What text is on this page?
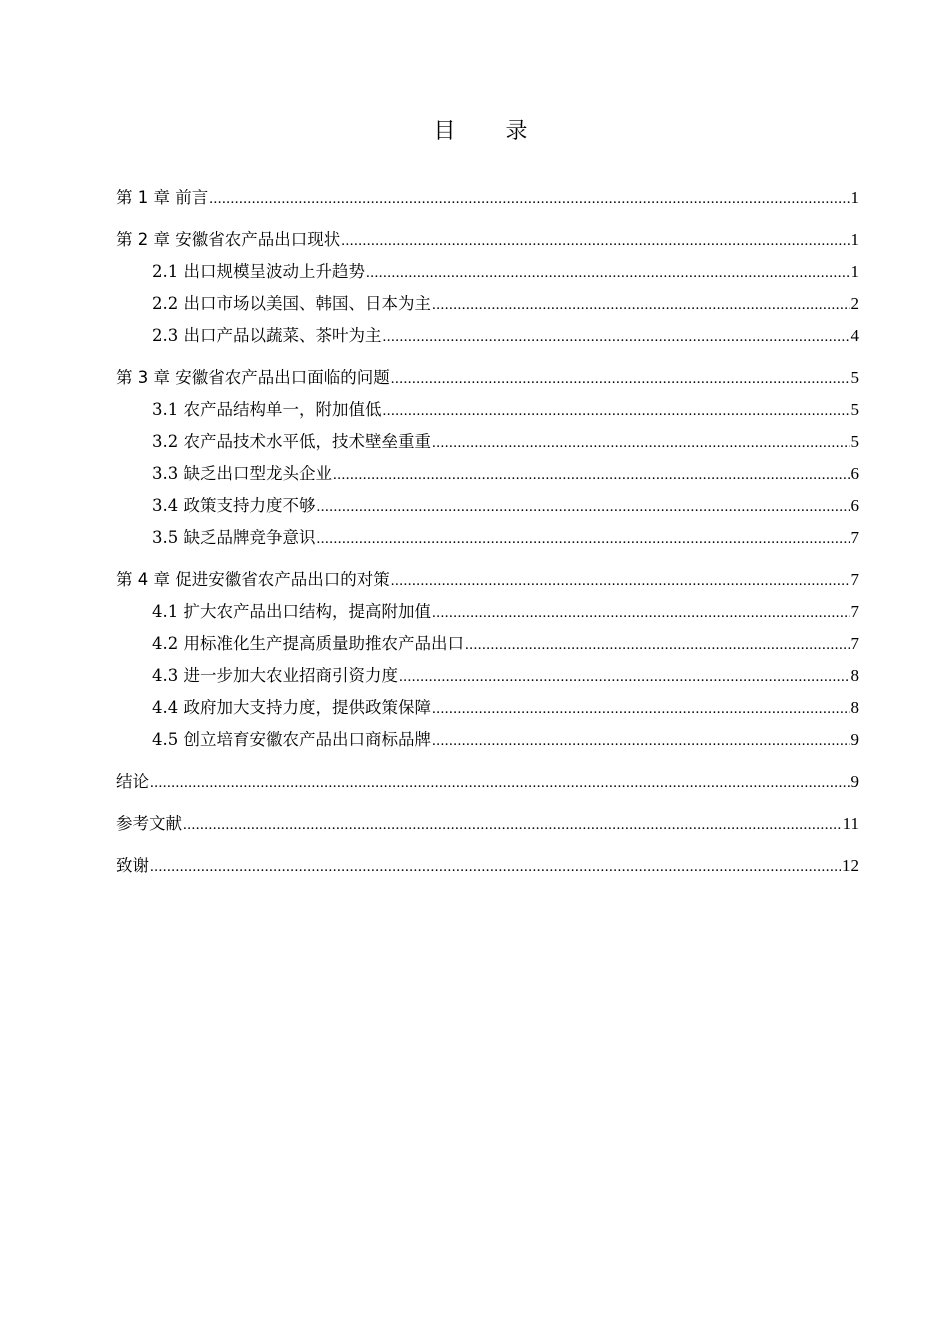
目　录
第 1 章 前言 .....	1
第 2 章 安徽省农产品出口现状 .....	1
2.1 出口规模呈波动上升趋势 .....	1
2.2 出口市场以美国、韩国、日本为主 .....	2
2.3 出口产品以蔬菜、茶叶为主 .....	4
第 3 章 安徽省农产品出口面临的问题 .....	5
3.1 农产品结构单一，附加值低 .....	5
3.2 农产品技术水平低，技术壁垒重重 .....	5
3.3 缺乏出口型龙头企业 .....	6
3.4 政策支持力度不够 .....	6
3.5 缺乏品牌竞争意识 .....	7
第 4 章 促进安徽省农产品出口的对策 .....	7
4.1 扩大农产品出口结构，提高附加值 .....	7
4.2 用标准化生产提高质量助推农产品出口 .....	7
4.3 进一步加大农业招商引资力度 .....	8
4.4 政府加大支持力度，提供政策保障 .....	8
4.5 创立培育安徽农产品出口商标品牌 .....	9
结论 .....	9
参考文献 .....	11
致谢 .....	12
